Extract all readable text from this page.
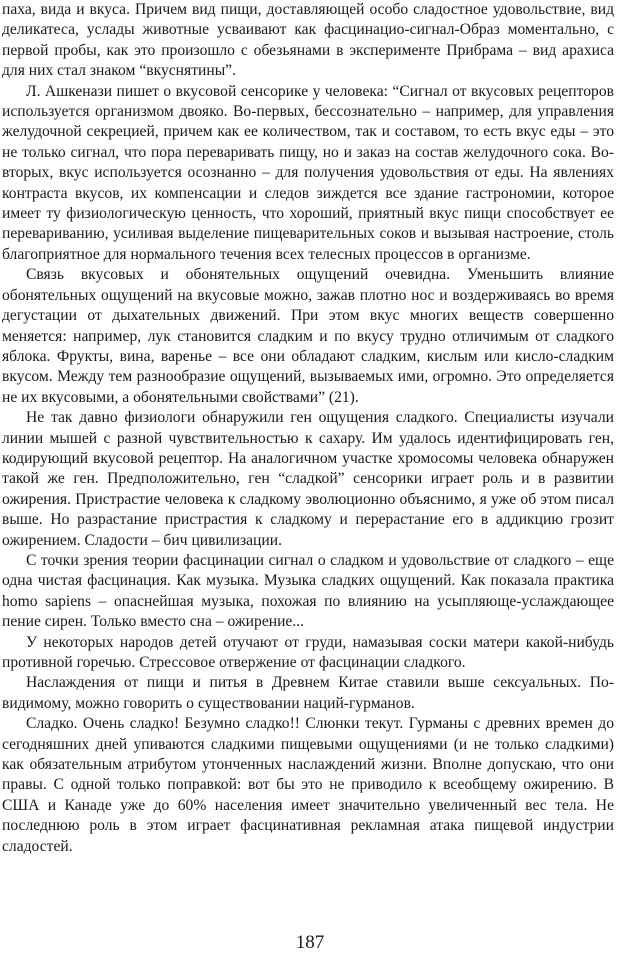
паха, вида и вкуса. Причем вид пищи, доставляющей особо сладостное удовольствие, вид деликатеса, услады животные усваивают как фасцинацио-сигнал-Образ моментально, с первой пробы, как это произошло с обезьянами в эксперименте Прибрама – вид арахиса для них стал знаком “вкуснятины”.

Л. Ашкенази пишет о вкусовой сенсорике у человека: “Сигнал от вкусовых рецепторов используется организмом двояко. Во-первых, бессознательно – например, для управления желудочной секрецией, причем как ее количеством, так и составом, то есть вкус еды – это не только сигнал, что пора переваривать пищу, но и заказ на состав желудочного сока. Во-вторых, вкус используется осознанно – для получения удовольствия от еды. На явлениях контраста вкусов, их компенсации и следов зиждется все здание гастрономии, которое имеет ту физиологическую ценность, что хороший, приятный вкус пищи способствует ее перевариванию, усиливая выделение пищеварительных соков и вызывая настроение, столь благоприятное для нормального течения всех телесных процессов в организме.

Связь вкусовых и обонятельных ощущений очевидна. Уменьшить влияние обонятельных ощущений на вкусовые можно, зажав плотно нос и воздерживаясь во время дегустации от дыхательных движений. При этом вкус многих веществ совершенно меняется: например, лук становится сладким и по вкусу трудно отличимым от сладкого яблока. Фрукты, вина, варенье – все они обладают сладким, кислым или кисло-сладким вкусом. Между тем разнообразие ощущений, вызываемых ими, огромно. Это определяется не их вкусовыми, а обонятельными свойствами” (21).

Не так давно физиологи обнаружили ген ощущения сладкого. Специалисты изучали линии мышей с разной чувствительностью к сахару. Им удалось идентифицировать ген, кодирующий вкусовой рецептор. На аналогичном участке хромосомы человека обнаружен такой же ген. Предположительно, ген “сладкой” сенсорики играет роль и в развитии ожирения. Пристрастие человека к сладкому эволюционно объяснимо, я уже об этом писал выше. Но разрастание пристрастия к сладкому и перерастание его в аддикцию грозит ожирением. Сладости – бич цивилизации.

С точки зрения теории фасцинации сигнал о сладком и удовольствие от сладкого – еще одна чистая фасцинация. Как музыка. Музыка сладких ощущений. Как показала практика homo sapiens – опаснейшая музыка, похожая по влиянию на усыпляюще-услаждающее пение сирен. Только вместо сна – ожирение...

У некоторых народов детей отучают от груди, намазывая соски матери какой-нибудь противной горечью. Стрессовое отвержение от фасцинации сладкого.

Наслаждения от пищи и питья в Древнем Китае ставили выше сексуальных. По-видимому, можно говорить о существовании наций-гурманов.

Сладко. Очень сладко! Безумно сладко!! Слюнки текут. Гурманы с древних времен до сегодняшних дней упиваются сладкими пищевыми ощущениями (и не только сладкими) как обязательным атрибутом утонченных наслаждений жизни. Вполне допускаю, что они правы. С одной только поправкой: вот бы это не приводило к всеобщему ожирению. В США и Канаде уже до 60% населения имеет значительно увеличенный вес тела. Не последнюю роль в этом играет фасцинативная рекламная атака пищевой индустрии сладостей.

187
